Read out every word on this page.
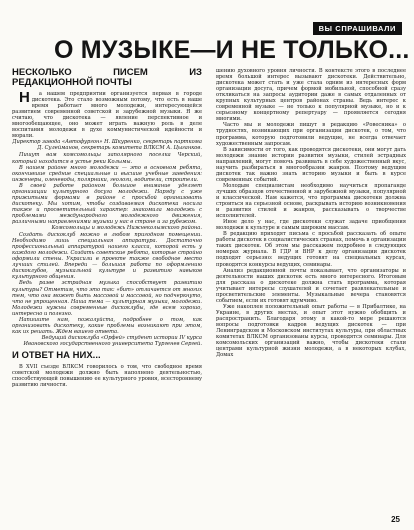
ВЫ СПРАШИВАЛИ
О МУЗЫКЕ—И НЕ ТОЛЬКО...
НЕСКОЛЬКО ПИСЕМ ИЗ РЕДАКЦИОННОЙ ПОЧТЫ

Н а нашем предприятии организуется первая в городе дискотека. Это стало возможным потому, что есть в наше время работает много молодежи, интересующейся развитием современной советской и зарубежной музыки. Я же считаю, что дискотека — явление перспективное и многообещающее, оно может играть важную роль в деле воспитания молодежи в духе коммунистической идейности и морали.

Директор завода «Автофургон» Н. Шкуренко, секретарь парткома Д. Сулейманов, секретарь комитета ВЛКСМ А. Цыганков.

Пишут вам комсомольцы заполярного поселка Черский, который находится в устье реки Колымы.

В нашем районе много молодежи — это в основном ребята, окончившие средние специальные и высшие учебные заведения: инженеры, оленеводы, полярники, геологи, водители, строители.

В своей работе районом большое внимание уделяет организации культурного досуга молодежи. Наряду с уже прижитыми формами в районе с просьбой организовать дискотеку. Мы хотим, чтобы создаваемая дискотека носила также и просветительный характер: знакомила молодежь с проблемами международного молодежного движения, различными направлениями музыки у нас в стране и за рубежом.

Комсомольцы и молодежь Нижнеколымского района.

Создать дискоклуб можно в любом пригодном помещении. Необходимо лишь специальная аппаратура. Достаточно профессиональный аппаратурой нашего класса, которой есть у каждого молодежи. Создать советские ребята, которые стройно оформили стены. Украсили в проекте также свободное место лучших стилей. Впереди — большая работа по оформлению дискоклубов, музыкальной культуре и развитию навыков культурного общения.

Ведь разве эстрадная музыка способствует развитию культуры? Отметим, что это так: «бит» отличается от многих тем, что она может быть массовой и массовой, но подчеркнуто, что не упрощенная. Наша тема — культурная музыка, молодежи. Молодежи нужны современные дискоклубы, где всем хорошо, интересно и полезно.

Напишите нам, пожалуйста, подробнее о том, как организовать дискотеку, какие проблемы возникают при этом, как их решать. Ждем вашего ответа.

Ведущий дискоклуба «Орфей» студент истории IV курса Ивановского государственного университета Тургенев Сергей.

И ОТВЕТ НА НИХ...

В XVII съезде ВЛКСМ говорилось о том, что свободное время советской молодежи должно быть наполнено деятельностью, способствующей повышению ее культурного уровня, всестороннему развитию личности.

шению духовного уровня личности. В контексте этого в последнее время большой интерес вызывают дискотеки. Действительно, дискотека может стать и уже стала одним из интересных форм организации досуга, причем формой мобильной, способной сразу откликаться на запросы аудитории даже в самых отдаленных от крупных культурных центров районах страны. Ведь интерес к современной музыке — не только к популярной музыке, но и к серьезному концертному репертуару — проявляется сегодня многими.

Часто мы и молодежи пишут в редакцию «Ровесника» о трудностях, возникающих при организации дискотек, о том, что программа, которую подготовили ведущие, не всегда отвечает художественным запросам.

В зависимости от того, как проводятся дискотеки, они могут дать молодежи знание истории развития музыки, стилей эстрадных направлений, могут помочь развивать в себе художественный вкус, научить разбираться в многообразии жанров. Поэтому ведущим дискотек так важно знать историю музыки и быть в курсе современных событий.

Молодым специалистам необходимо научиться пропаганде лучших образцов отечественной и зарубежной музыки, популярной и классической. Нам кажется, что программа дискотеки должна строиться на серьезной основе, раскрывать историю возникновения и развития стилей и жанров, рассказывать о творчестве исполнителей.

Иное дело у нас, где дискотеки служат задаче приобщения молодежи к культуре и самым широким массам.

В редакцию приходят письма с просьбой рассказать об опыте работы дискотек в социалистических странах, помочь в организации таких дискотек. Об этом мы расскажем подробнее в следующих номерах журнала. В ГДР и ВНР к делу организации дискотек подходят серьезно: ведущих готовят на специальных курсах, проводятся конкурсы ведущих, семинары.

Анализ редакционной почты показывает, что организаторы и деятельности наших дискотек есть много интересного. Итоговым для рассказа о дискотеке должна стать программа, которая учитывает интересы слушателей и сочетает развлекательные и просветительские элементы. Музыкальные вечера становятся событием, если их готовят вдумчиво.

Уже накоплен положительный опыт работы — в Прибалтике, на Украине, в других местах, и опыт этот нужно обобщить и распространить. Благодаря этому в какой-то мере решаются вопросы подготовки кадров ведущих дискотек — при Ленинградском и Московском институтах культуры, при областных комитетах ВЛКСМ организованы курсы, проводятся семинары. Для комсомольских организаций важно, чтобы дискотеки стали центрами культурной жизни молодежи, а в некоторых клубах, Домах

25
